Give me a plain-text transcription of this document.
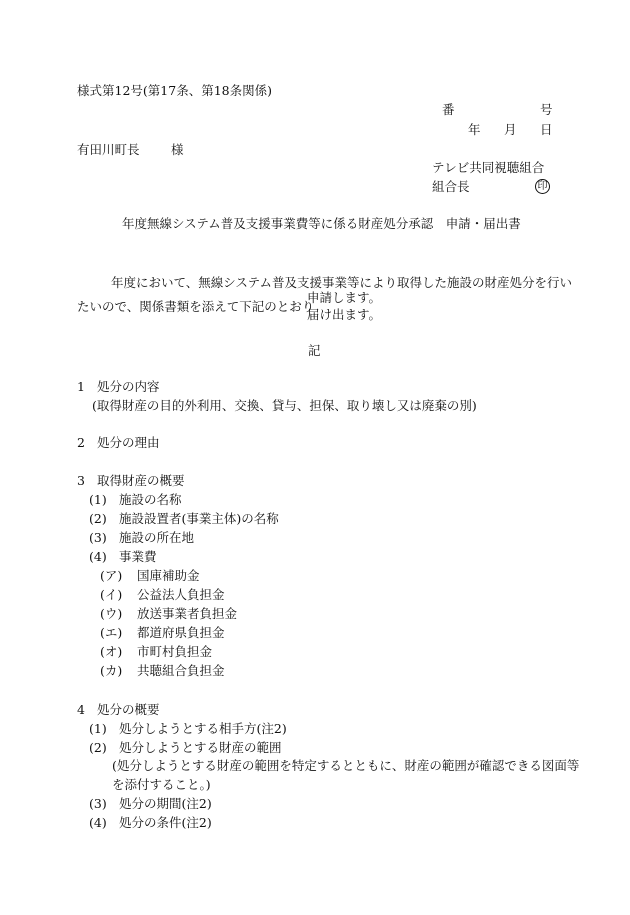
様式第12号(第17条、第18条関係)
番	号
年 月 日
有田川町長	様
テレビ共同視聴組合
組合長	印
年度無線システム普及支援事業費等に係る財産処分承認　申請・届出書
年度において、無線システム普及支援事業等により取得した施設の財産処分を行い
たいので、関係書類を添えて下記のとおり
申請します。
届け出ます。
記
1 処分の内容
(取得財産の目的外利用、交換、貸与、担保、取り壊し又は廃棄の別)
2 処分の理由
3 取得財産の概要
(1) 施設の名称
(2) 施設設置者(事業主体)の名称
(3) 施設の所在地
(4) 事業費
(ア) 国庫補助金
(イ) 公益法人負担金
(ウ) 放送事業者負担金
(エ) 都道府県負担金
(オ) 市町村負担金
(カ) 共聴組合負担金
4 処分の概要
(1) 処分しようとする相手方(注2)
(2) 処分しようとする財産の範囲
(処分しようとする財産の範囲を特定するとともに、財産の範囲が確認できる図面等
を添付すること。)
(3) 処分の期間(注2)
(4) 処分の条件(注2)
